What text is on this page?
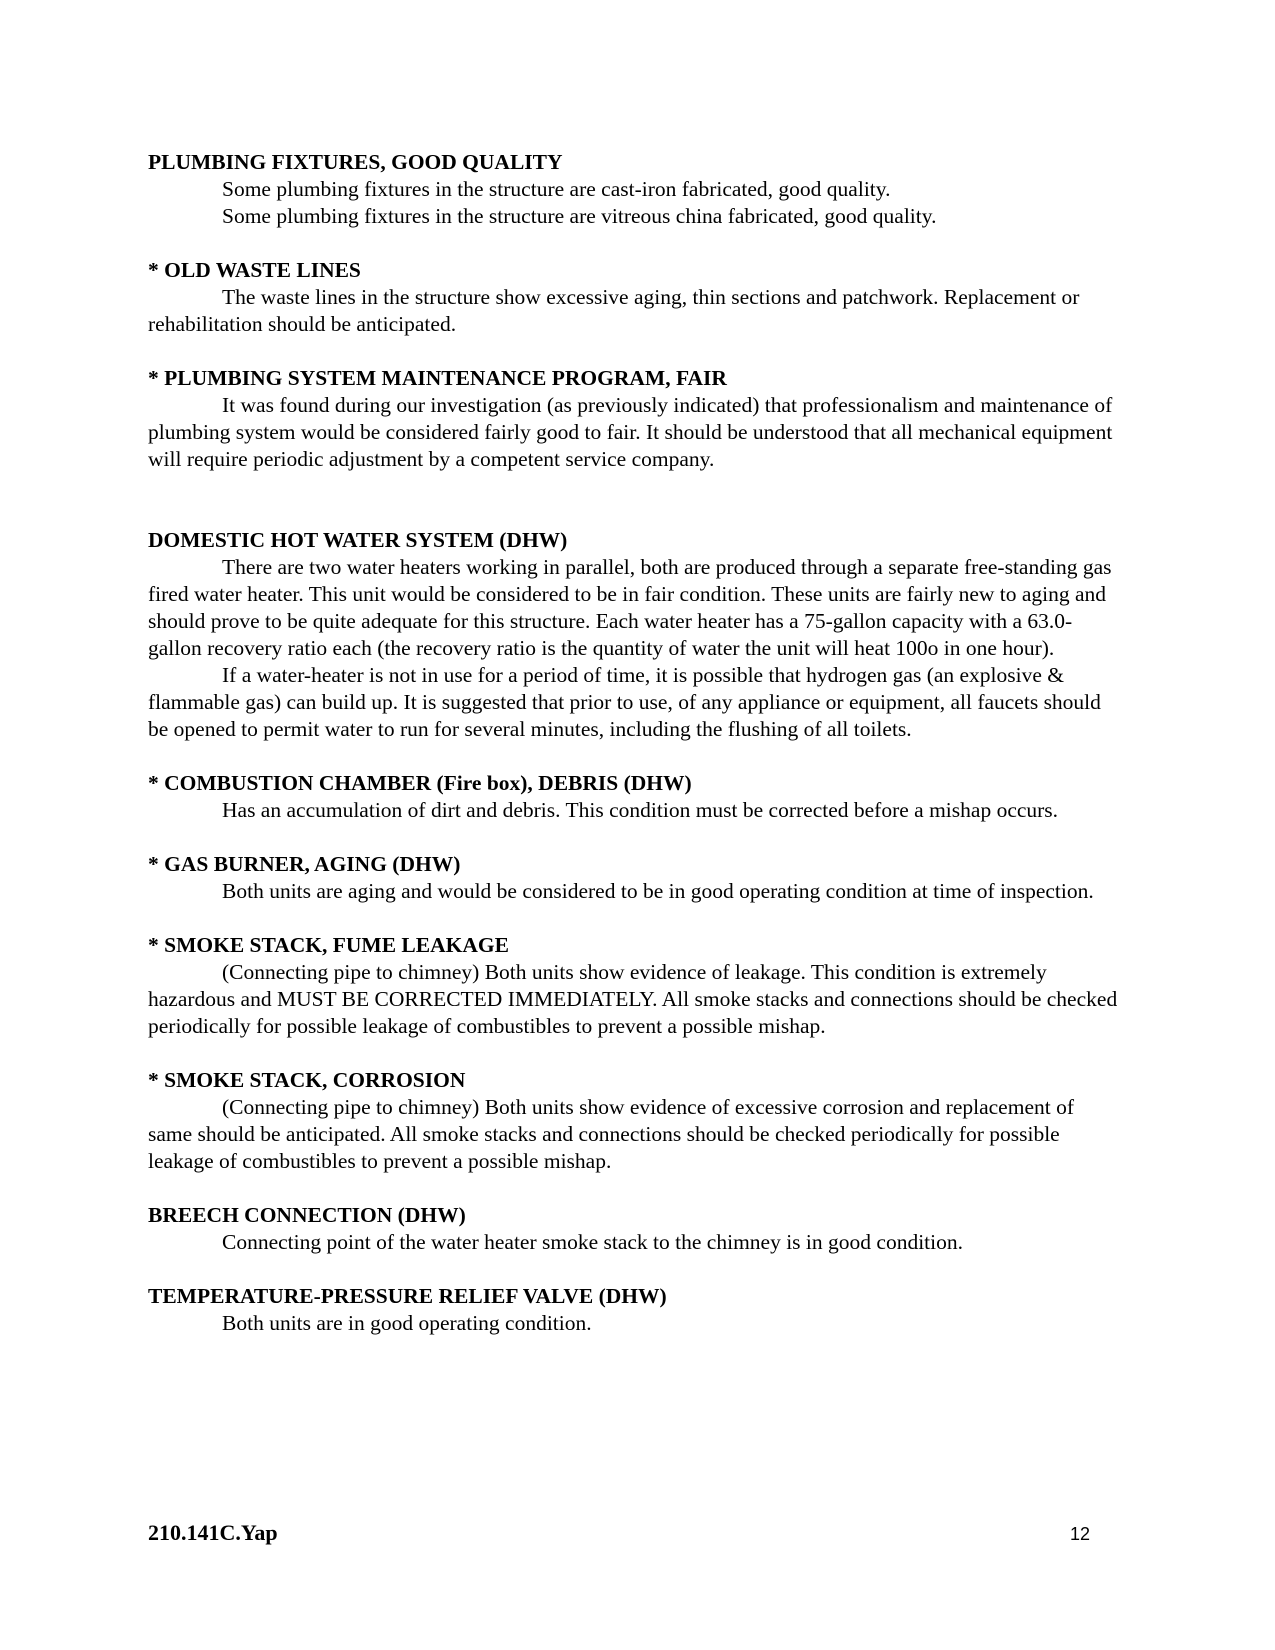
PLUMBING FIXTURES, GOOD QUALITY

Some plumbing fixtures in the structure are cast-iron fabricated, good quality.

Some plumbing fixtures in the structure are vitreous china fabricated, good quality.

* OLD WASTE LINES

The waste lines in the structure show excessive aging, thin sections and patchwork. Replacement or rehabilitation should be anticipated.

* PLUMBING SYSTEM MAINTENANCE PROGRAM, FAIR

It was found during our investigation (as previously indicated) that professionalism and maintenance of plumbing system would be considered fairly good to fair. It should be understood that all mechanical equipment will require periodic adjustment by a competent service company.

DOMESTIC HOT WATER SYSTEM (DHW)

There are two water heaters working in parallel, both are produced through a separate free-standing gas fired water heater. This unit would be considered to be in fair condition. These units are fairly new to aging and should prove to be quite adequate for this structure. Each water heater has a 75-gallon capacity with a 63.0- gallon recovery ratio each (the recovery ratio is the quantity of water the unit will heat 100o in one hour).

If a water-heater is not in use for a period of time, it is possible that hydrogen gas (an explosive & flammable gas) can build up. It is suggested that prior to use, of any appliance or equipment, all faucets should be opened to permit water to run for several minutes, including the flushing of all toilets.

* COMBUSTION CHAMBER (Fire box), DEBRIS (DHW)

Has an accumulation of dirt and debris. This condition must be corrected before a mishap occurs.

* GAS BURNER, AGING (DHW)

Both units are aging and would be considered to be in good operating condition at time of inspection.

* SMOKE STACK, FUME LEAKAGE

(Connecting pipe to chimney) Both units show evidence of leakage. This condition is extremely hazardous and MUST BE CORRECTED IMMEDIATELY. All smoke stacks and connections should be checked periodically for possible leakage of combustibles to prevent a possible mishap.

* SMOKE STACK, CORROSION

(Connecting pipe to chimney) Both units show evidence of excessive corrosion and replacement of same should be anticipated. All smoke stacks and connections should be checked periodically for possible leakage of combustibles to prevent a possible mishap.

BREECH CONNECTION (DHW)

Connecting point of the water heater smoke stack to the chimney is in good condition.

TEMPERATURE-PRESSURE RELIEF VALVE (DHW)

Both units are in good operating condition.

210.141C.Yap	12
